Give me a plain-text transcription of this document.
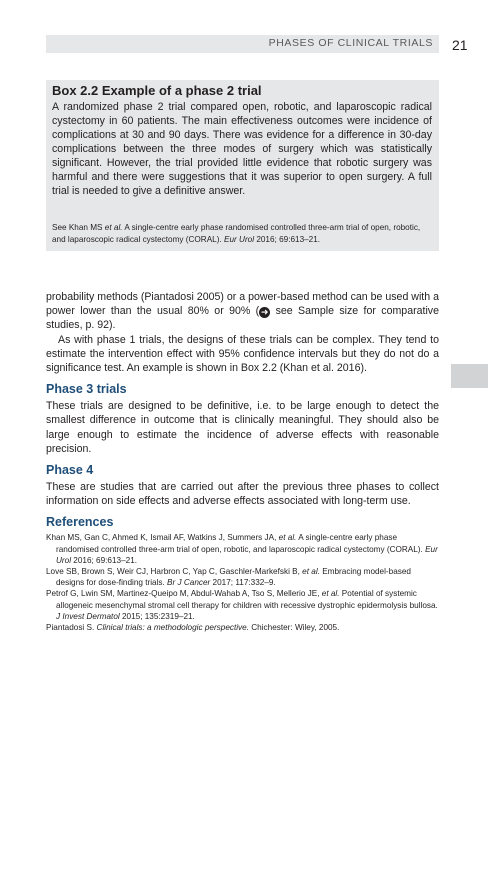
PHASES OF CLINICAL TRIALS 21
Box 2.2 Example of a phase 2 trial
A randomized phase 2 trial compared open, robotic, and laparoscopic radical cystectomy in 60 patients. The main effectiveness outcomes were incidence of complications at 30 and 90 days. There was evidence for a difference in 30-day complications between the three modes of surgery which was statistically significant. However, the trial provided little evidence that robotic surgery was harmful and there were suggestions that it was superior to open surgery. A full trial is needed to give a definitive answer.
See Khan MS et al. A single-centre early phase randomised controlled three-arm trial of open, robotic, and laparoscopic radical cystectomy (CORAL). Eur Urol 2016; 69:613–21.

probability methods (Piantadosi 2005) or a power-based method can be used with a power lower than the usual 80% or 90% ( ➜ see Sample size for comparative studies, p. 92).

As with phase 1 trials, the designs of these trials can be complex. They tend to estimate the intervention effect with 95% confidence intervals but they do not do a significance test. An example is shown in Box 2.2 (Khan et al. 2016).

Phase 3 trials

These trials are designed to be definitive, i.e. to be large enough to detect the smallest difference in outcome that is clinically meaningful. They should also be large enough to estimate the incidence of adverse effects with reasonable precision.

Phase 4

These are studies that are carried out after the previous three phases to collect information on side effects and adverse effects associated with long-term use.

References

Khan MS, Gan C, Ahmed K, Ismail AF, Watkins J, Summers JA, et al. A single-centre early phase randomised controlled three-arm trial of open, robotic, and laparoscopic radical cystectomy (CORAL). Eur Urol 2016; 69:613–21.

Love SB, Brown S, Weir CJ, Harbron C, Yap C, Gaschler-Markefski B, et al. Embracing model-based designs for dose-finding trials. Br J Cancer 2017; 117:332–9.

Petrof G, Lwin SM, Martinez-Queipo M, Abdul-Wahab A, Tso S, Mellerio JE, et al. Potential of systemic allogeneic mesenchymal stromal cell therapy for children with recessive dystrophic epidermolysis bullosa. J Invest Dermatol 2015; 135:2319–21.

Piantadosi S. Clinical trials: a methodologic perspective. Chichester: Wiley, 2005.
